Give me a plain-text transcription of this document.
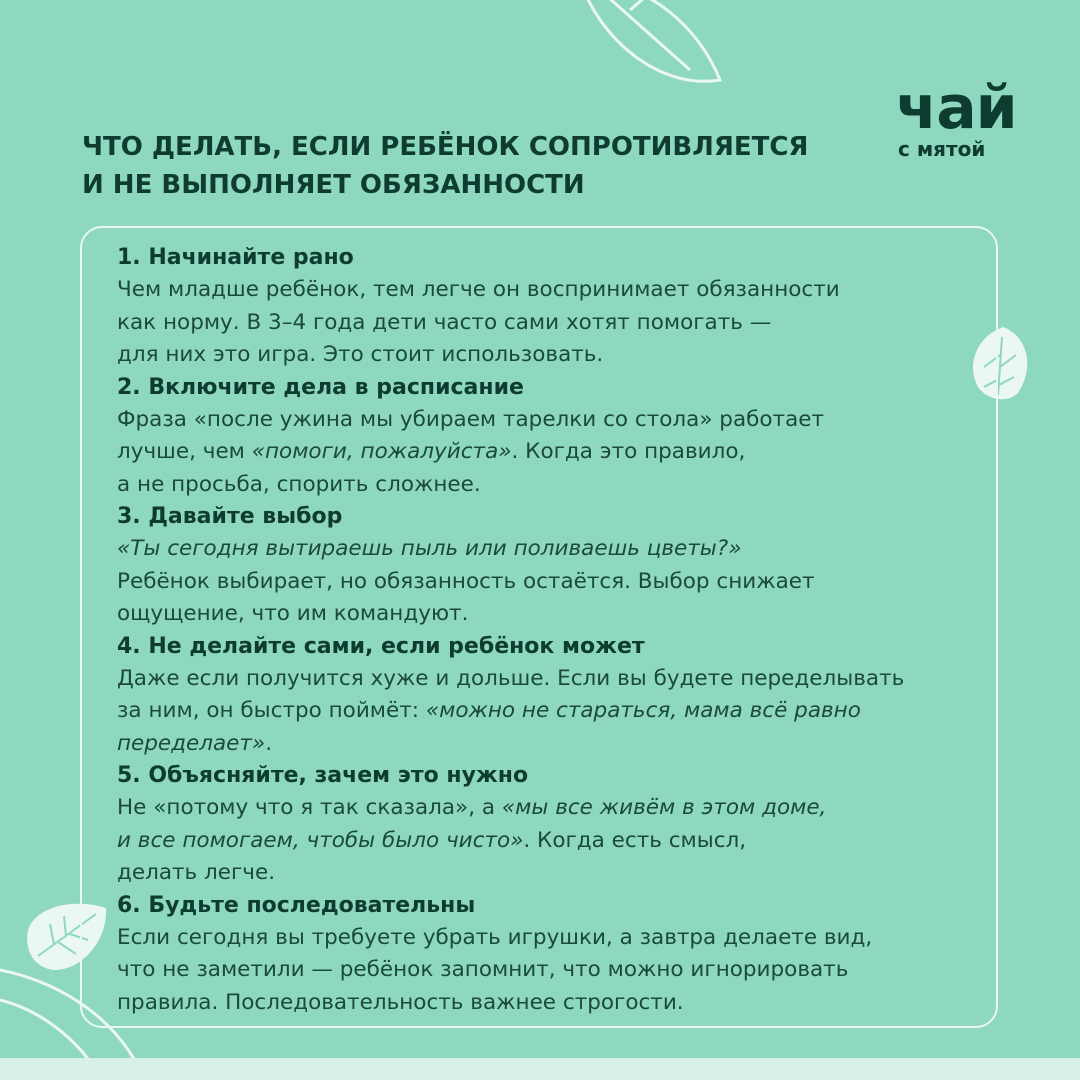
чай
с мятой
ЧТО ДЕЛАТЬ, ЕСЛИ РЕБЁНОК СОПРОТИВЛЯЕТСЯ
И НЕ ВЫПОЛНЯЕТ ОБЯЗАННОСТИ
1. Начинайте рано

Чем младше ребёнок, тем легче он воспринимает обязанности
как норму. В 3–4 года дети часто сами хотят помогать —
для них это игра. Это стоит использовать.

2. Включите дела в расписание

Фраза «после ужина мы убираем тарелки со стола» работает
лучше, чем «помоги, пожалуйста». Когда это правило,
а не просьба, спорить сложнее.

3. Давайте выбор

«Ты сегодня вытираешь пыль или поливаешь цветы?»
Ребёнок выбирает, но обязанность остаётся. Выбор снижает
ощущение, что им командуют.

4. Не делайте сами, если ребёнок может

Даже если получится хуже и дольше. Если вы будете переделывать
за ним, он быстро поймёт: «можно не стараться, мама всё равно
переделает».

5. Объясняйте, зачем это нужно

Не «потому что я так сказала», а «мы все живём в этом доме,
и все помогаем, чтобы было чисто». Когда есть смысл,
делать легче.

6. Будьте последовательны

Если сегодня вы требуете убрать игрушки, а завтра делаете вид,
что не заметили — ребёнок запомнит, что можно игнорировать
правила. Последовательность важнее строгости.
